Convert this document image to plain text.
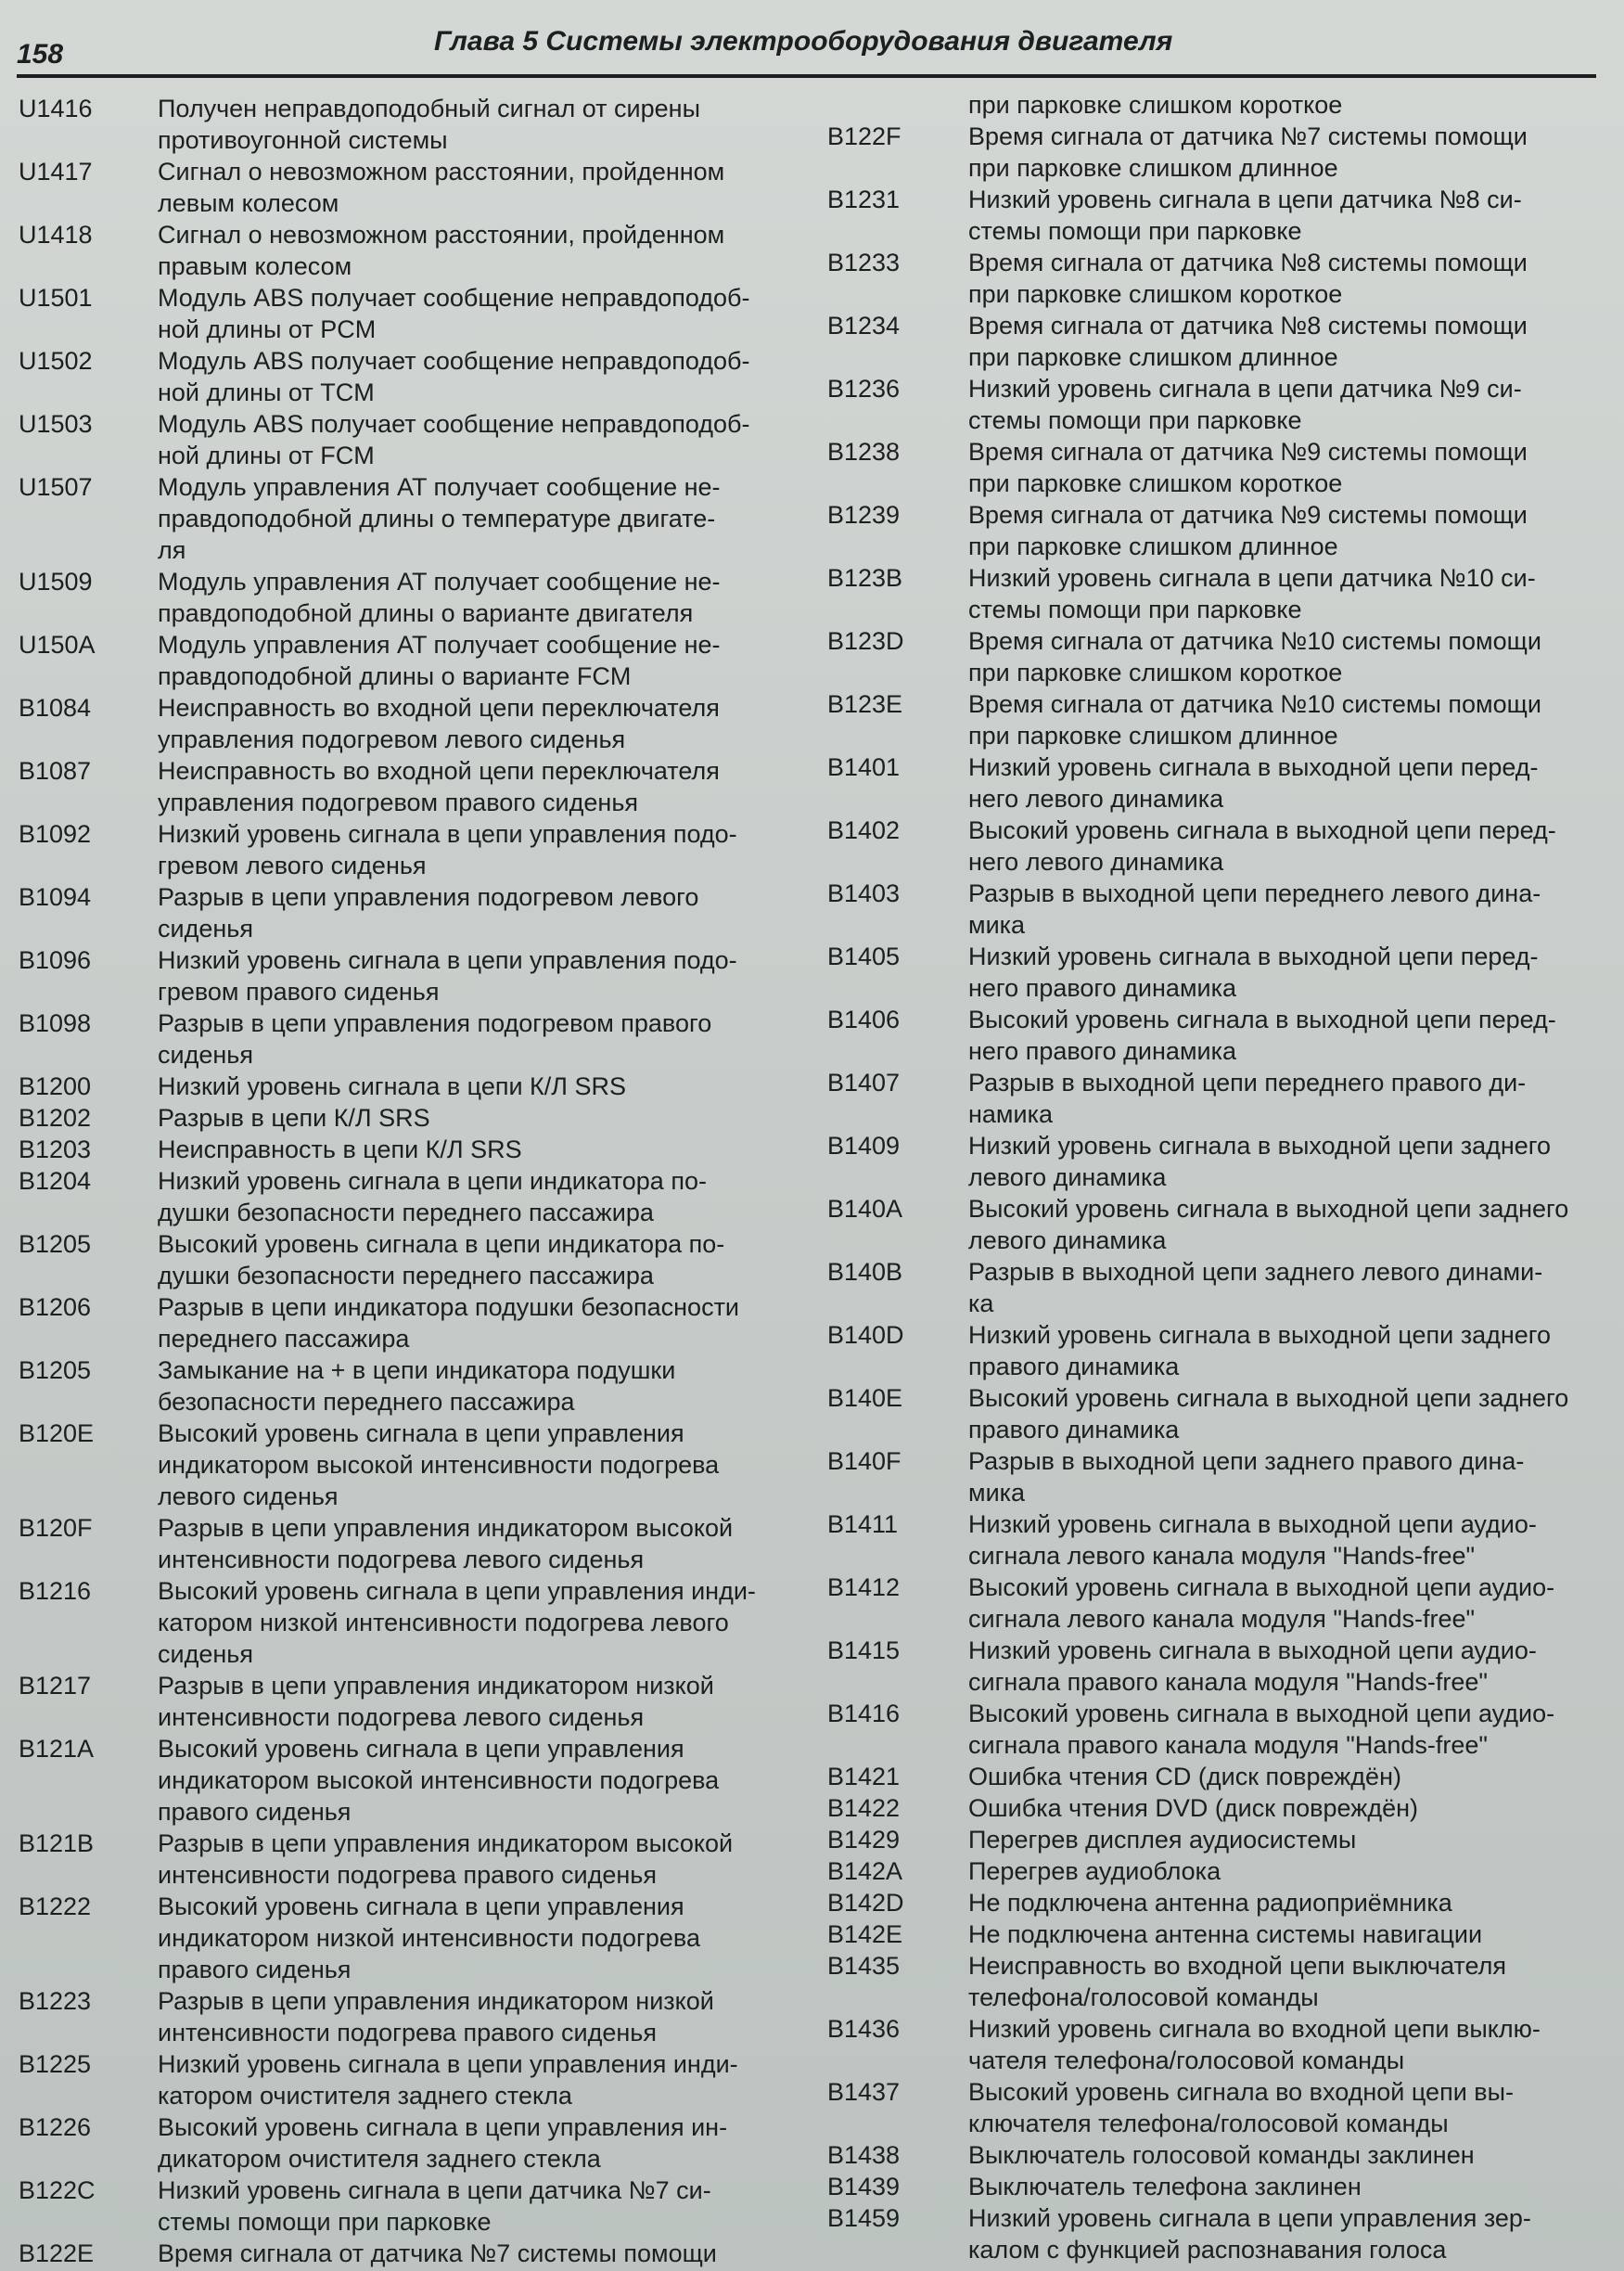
158	Глава 5 Системы электрооборудования двигателя
U1416	Получен неправдоподобный сигнал от сирены
противоугонной системы
U1417	Сигнал о невозможном расстоянии, пройденном
левым колесом
U1418	Сигнал о невозможном расстоянии, пройденном
правым колесом
U1501	Модуль ABS получает сообщение неправдоподоб-
ной длины от PCM
U1502	Модуль ABS получает сообщение неправдоподоб-
ной длины от TCM
U1503	Модуль ABS получает сообщение неправдоподоб-
ной длины от FCM
U1507	Модуль управления AT получает сообщение не-
правдоподобной длины о температуре двигате-
ля
U1509	Модуль управления AT получает сообщение не-
правдоподобной длины о варианте двигателя
U150A	Модуль управления AT получает сообщение не-
правдоподобной длины о варианте FCM
B1084	Неисправность во входной цепи переключателя
управления подогревом левого сиденья
B1087	Неисправность во входной цепи переключателя
управления подогревом правого сиденья
B1092	Низкий уровень сигнала в цепи управления подо-
гревом левого сиденья
B1094	Разрыв в цепи управления подогревом левого
сиденья
B1096	Низкий уровень сигнала в цепи управления подо-
гревом правого сиденья
B1098	Разрыв в цепи управления подогревом правого
сиденья
B1200	Низкий уровень сигнала в цепи К/Л SRS
B1202	Разрыв в цепи К/Л SRS
B1203	Неисправность в цепи К/Л SRS
B1204	Низкий уровень сигнала в цепи индикатора по-
душки безопасности переднего пассажира
B1205	Высокий уровень сигнала в цепи индикатора по-
душки безопасности переднего пассажира
B1206	Разрыв в цепи индикатора подушки безопасности
переднего пассажира
B1205	Замыкание на + в цепи индикатора подушки
безопасности переднего пассажира
B120E	Высокий уровень сигнала в цепи управления
индикатором высокой интенсивности подогрева
левого сиденья
B120F	Разрыв в цепи управления индикатором высокой
интенсивности подогрева левого сиденья
B1216	Высокий уровень сигнала в цепи управления инди-
катором низкой интенсивности подогрева левого
сиденья
B1217	Разрыв в цепи управления индикатором низкой
интенсивности подогрева левого сиденья
B121A	Высокий уровень сигнала в цепи управления
индикатором высокой интенсивности подогрева
правого сиденья
B121B	Разрыв в цепи управления индикатором высокой
интенсивности подогрева правого сиденья
B1222	Высокий уровень сигнала в цепи управления
индикатором низкой интенсивности подогрева
правого сиденья
B1223	Разрыв в цепи управления индикатором низкой
интенсивности подогрева правого сиденья
B1225	Низкий уровень сигнала в цепи управления инди-
катором очистителя заднего стекла
B1226	Высокий уровень сигнала в цепи управления ин-
дикатором очистителя заднего стекла
B122C	Низкий уровень сигнала в цепи датчика №7 си-
стемы помощи при парковке
B122E	Время сигнала от датчика №7 системы помощи
при парковке слишком короткое
B122F	Время сигнала от датчика №7 системы помощи
при парковке слишком длинное
B1231	Низкий уровень сигнала в цепи датчика №8 си-
стемы помощи при парковке
B1233	Время сигнала от датчика №8 системы помощи
при парковке слишком короткое
B1234	Время сигнала от датчика №8 системы помощи
при парковке слишком длинное
B1236	Низкий уровень сигнала в цепи датчика №9 си-
стемы помощи при парковке
B1238	Время сигнала от датчика №9 системы помощи
при парковке слишком короткое
B1239	Время сигнала от датчика №9 системы помощи
при парковке слишком длинное
B123B	Низкий уровень сигнала в цепи датчика №10 си-
стемы помощи при парковке
B123D	Время сигнала от датчика №10 системы помощи
при парковке слишком короткое
B123E	Время сигнала от датчика №10 системы помощи
при парковке слишком длинное
B1401	Низкий уровень сигнала в выходной цепи перед-
него левого динамика
B1402	Высокий уровень сигнала в выходной цепи перед-
него левого динамика
B1403	Разрыв в выходной цепи переднего левого дина-
мика
B1405	Низкий уровень сигнала в выходной цепи перед-
него правого динамика
B1406	Высокий уровень сигнала в выходной цепи перед-
него правого динамика
B1407	Разрыв в выходной цепи переднего правого ди-
намика
B1409	Низкий уровень сигнала в выходной цепи заднего
левого динамика
B140A	Высокий уровень сигнала в выходной цепи заднего
левого динамика
B140B	Разрыв в выходной цепи заднего левого динами-
ка
B140D	Низкий уровень сигнала в выходной цепи заднего
правого динамика
B140E	Высокий уровень сигнала в выходной цепи заднего
правого динамика
B140F	Разрыв в выходной цепи заднего правого дина-
мика
B1411	Низкий уровень сигнала в выходной цепи аудио-
сигнала левого канала модуля "Hands-free"
B1412	Высокий уровень сигнала в выходной цепи аудио-
сигнала левого канала модуля "Hands-free"
B1415	Низкий уровень сигнала в выходной цепи аудио-
сигнала правого канала модуля "Hands-free"
B1416	Высокий уровень сигнала в выходной цепи аудио-
сигнала правого канала модуля "Hands-free"
B1421	Ошибка чтения CD (диск повреждён)
B1422	Ошибка чтения DVD (диск повреждён)
B1429	Перегрев дисплея аудиосистемы
B142A	Перегрев аудиоблока
B142D	Не подключена антенна радиоприёмника
B142E	Не подключена антенна системы навигации
B1435	Неисправность во входной цепи выключателя
телефона/голосовой команды
B1436	Низкий уровень сигнала во входной цепи выклю-
чателя телефона/голосовой команды
B1437	Высокий уровень сигнала во входной цепи вы-
ключателя телефона/голосовой команды
B1438	Выключатель голосовой команды заклинен
B1439	Выключатель телефона заклинен
B1459	Низкий уровень сигнала в цепи управления зер-
калом с функцией распознавания голоса
